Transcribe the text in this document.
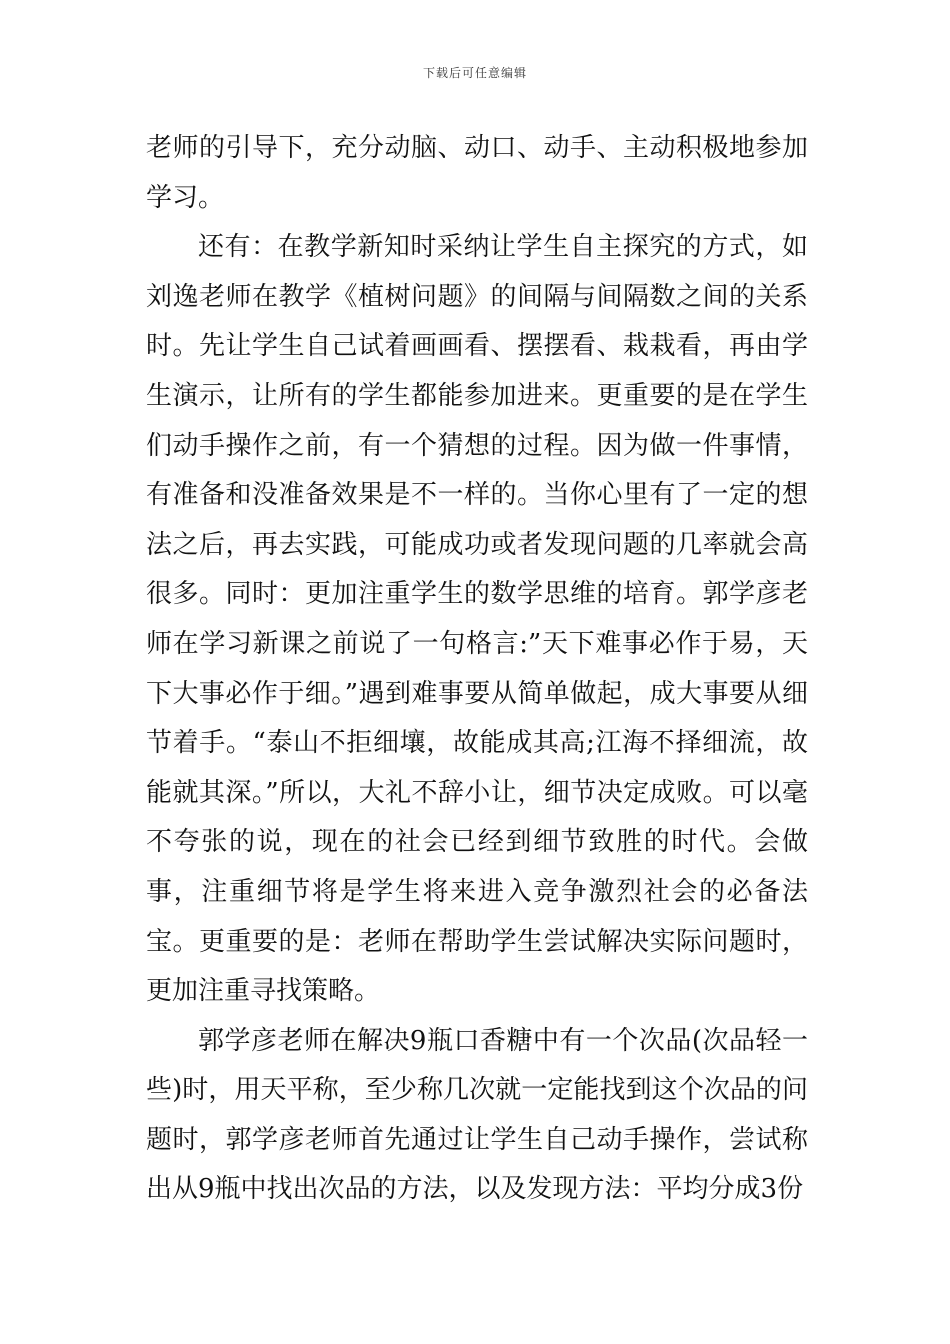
下载后可任意编辑

老师的引导下，充分动脑、动口、动手、主动积极地参加学习。

还有：在教学新知时采纳让学生自主探究的方式，如刘逸老师在教学《植树问题》的间隔与间隔数之间的关系时。先让学生自己试着画画看、摆摆看、栽栽看，再由学生演示，让所有的学生都能参加进来。更重要的是在学生们动手操作之前，有一个猜想的过程。因为做一件事情，有准备和没准备效果是不一样的。当你心里有了一定的想法之后，再去实践，可能成功或者发现问题的几率就会高很多。同时：更加注重学生的数学思维的培育。郭学彦老师在学习新课之前说了一句格言:”天下难事必作于易，天下大事必作于细。”遇到难事要从简单做起，成大事要从细节着手。“泰山不拒细壤，故能成其高;江海不择细流，故能就其深。”所以，大礼不辞小让，细节决定成败。可以毫不夸张的说，现在的社会已经到细节致胜的时代。会做事，注重细节将是学生将来进入竞争激烈社会的必备法宝。更重要的是：老师在帮助学生尝试解决实际问题时，更加注重寻找策略。

郭学彦老师在解决9瓶口香糖中有一个次品(次品轻一些)时，用天平称，至少称几次就一定能找到这个次品的问题时，郭学彦老师首先通过让学生自己动手操作，尝试称出从9瓶中找出次品的方法，以及发现方法：平均分成3份
